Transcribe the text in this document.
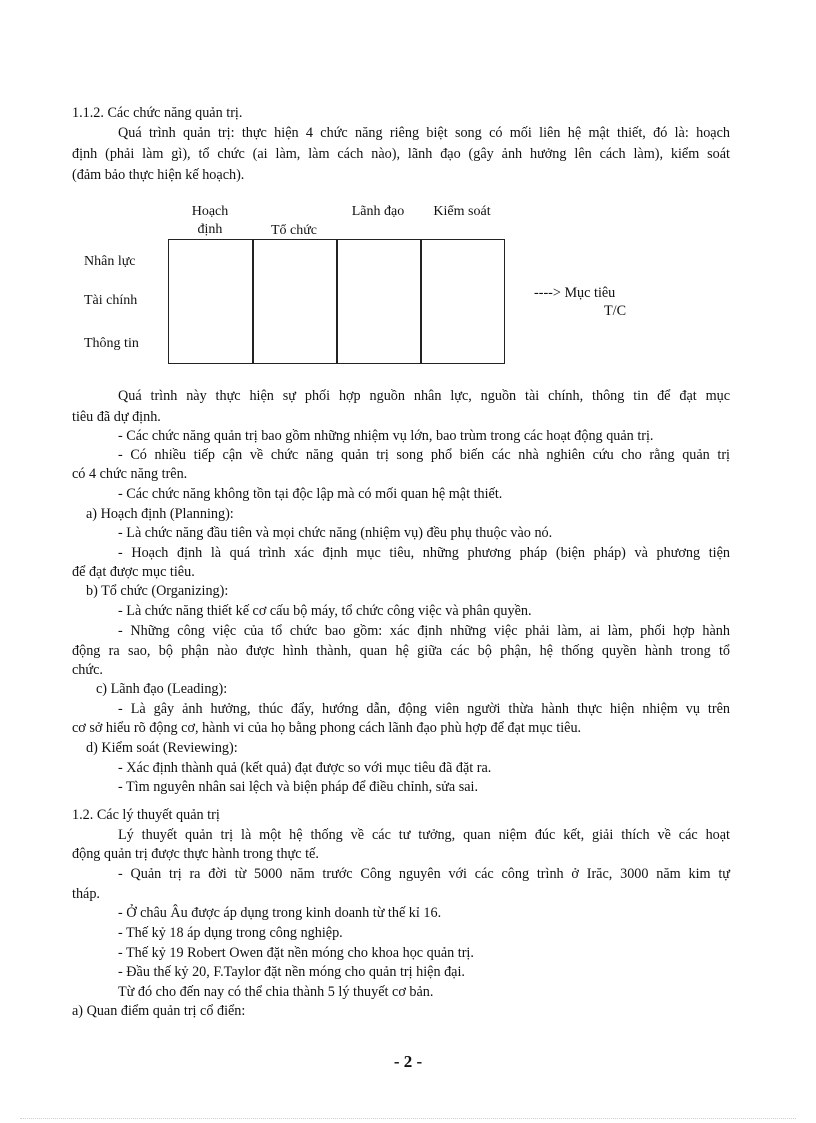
1.1.2. Các chức năng quản trị.
Quá trình quản trị: thực hiện 4 chức năng riêng biệt song có mối liên hệ mật thiết, đó là: hoạch
định (phải làm gì), tổ chức (ai làm, làm cách nào), lãnh đạo (gây ảnh hưởng lên cách làm), kiểm soát
(đảm bảo thực hiện kế hoạch).
Hoạch
định	Tổ chức
Lãnh đạo	Kiểm soát
Nhân lực
Tài chính
Thông tin
----> Mục tiêu
T/C
Quá trình này thực hiện sự phối hợp nguồn nhân lực, nguồn tài chính, thông tin để đạt mục
tiêu đã dự định.
- Các chức năng quản trị bao gồm những nhiệm vụ lớn, bao trùm trong các hoạt động quản trị.
- Có nhiều tiếp cận về chức năng quản trị song phổ biến các nhà nghiên cứu cho rằng quản trị
có 4 chức năng trên.
- Các chức năng không tồn tại độc lập mà có mối quan hệ mật thiết.
a) Hoạch định (Planning):
- Là chức năng đầu tiên và mọi chức năng (nhiệm vụ) đều phụ thuộc vào nó.
- Hoạch định là quá trình xác định mục tiêu, những phương pháp (biện pháp) và phương tiện
để đạt được mục tiêu.
b) Tổ chức (Organizing):
- Là chức năng thiết kế cơ cấu bộ máy, tổ chức công việc và phân quyền.
- Những công việc của tổ chức bao gồm: xác định những việc phải làm, ai làm, phối hợp hành
động ra sao, bộ phận nào được hình thành, quan hệ giữa các bộ phận, hệ thống quyền hành trong tổ
chức.
c) Lãnh đạo (Leading):
- Là gây ảnh hưởng, thúc đẩy, hướng dẫn, động viên người thừa hành thực hiện nhiệm vụ trên
cơ sở hiểu rõ động cơ, hành vi của họ bằng phong cách lãnh đạo phù hợp để đạt mục tiêu.
d) Kiểm soát (Reviewing):
- Xác định thành quả (kết quả) đạt được so với mục tiêu đã đặt ra.
- Tìm nguyên nhân sai lệch và biện pháp để điều chỉnh, sửa sai.
1.2. Các lý thuyết quản trị
Lý thuyết quản trị là một hệ thống về các tư tưởng, quan niệm đúc kết, giải thích về các hoạt
động quản trị được thực hành trong thực tế.
- Quản trị ra đời từ 5000 năm trước Công nguyên với các công trình ở Irăc, 3000 năm kim tự
tháp.
- Ở châu Âu được áp dụng trong kinh doanh từ thế kỉ 16.
- Thế kỷ 18 áp dụng trong công nghiệp.
- Thế kỷ 19 Robert Owen đặt nền móng cho khoa học quản trị.
- Đầu thế kỷ 20, F.Taylor đặt nền móng cho quản trị hiện đại.
Từ đó cho đến nay có thể chia thành 5 lý thuyết cơ bản.
a) Quan điểm quản trị cổ điển:
- 2 -
